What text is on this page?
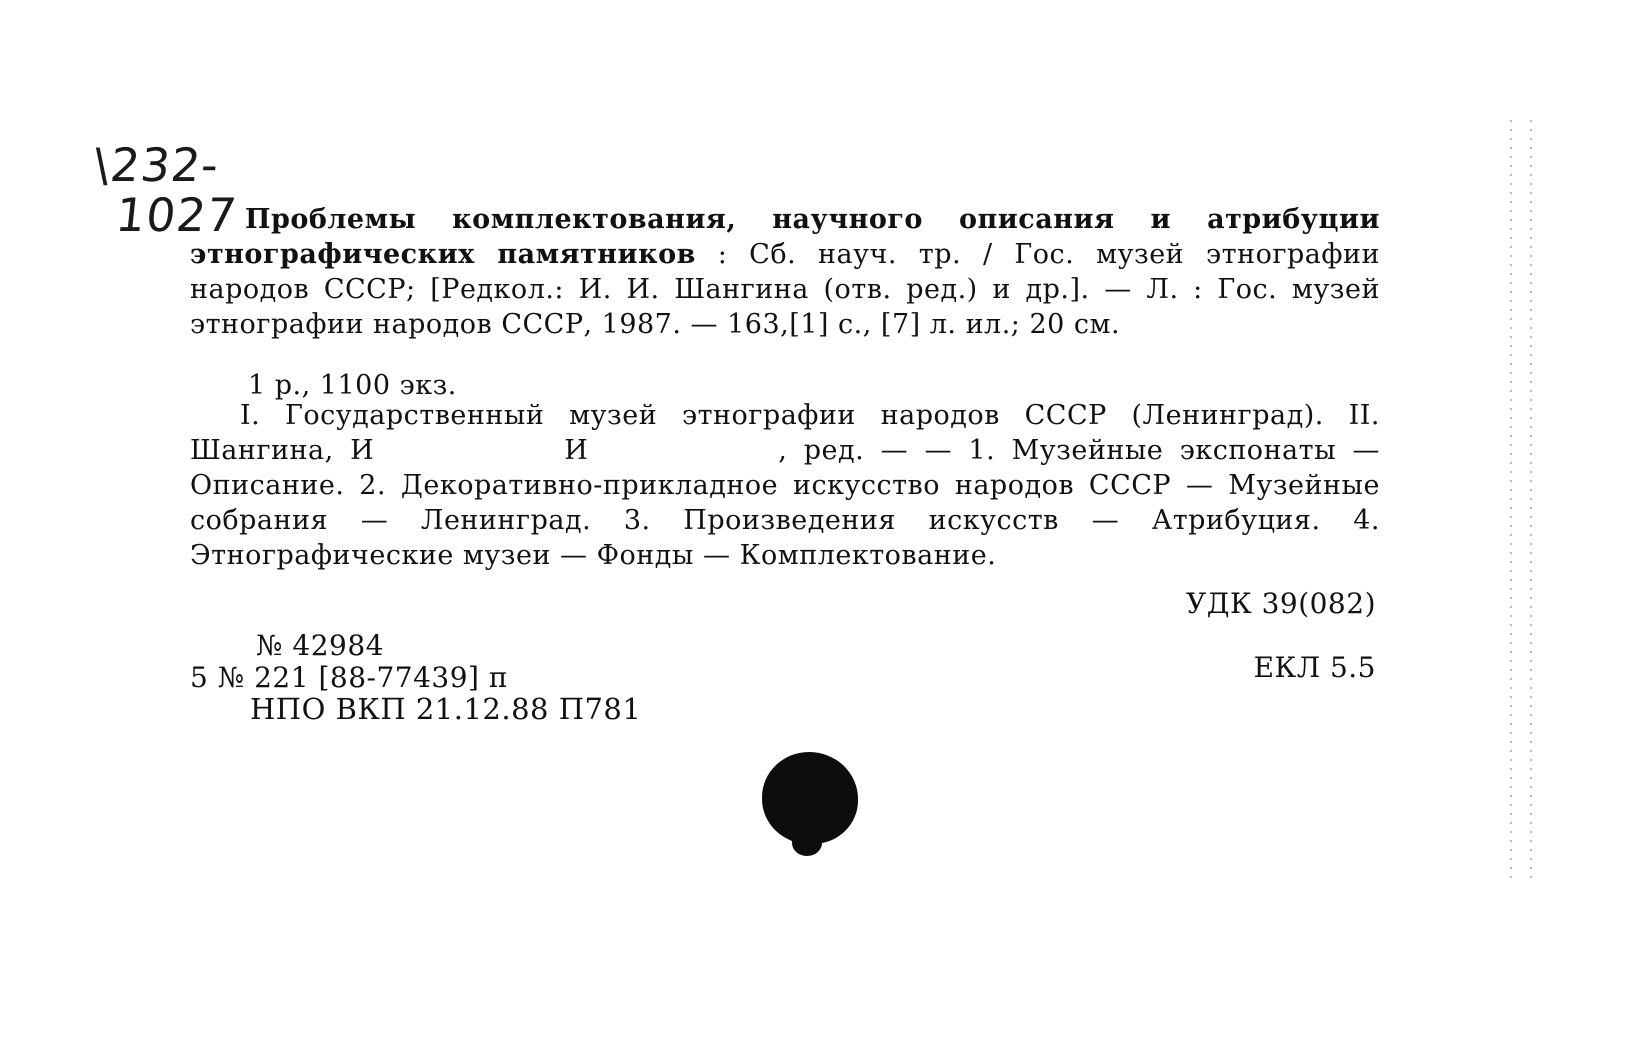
\232-
1027 Проблемы комплектования, научного описания и атрибуции этнографических памятников : Сб. науч. тр. / Гос. музей этнографии народов СССР; [Редкол.: И. И. Шангина (отв. ред.) и др.]. — Л. : Гос. музей этнографии народов СССР, 1987. — 163,[1] с., [7] л. ил.; 20 см.
1 р., 1100 экз.
I. Государственный музей этнографии народов СССР (Ленинград). II. Шангина, И	И	, ред. — — 1. Музейные экспонаты — Описание. 2. Декоративно-прикладное искусство народов СССР — Музейные собрания — Ленинград. 3. Произведения искусств — Атрибуция. 4. Этнографические музеи — Фонды — Комплектование.
УДК 39(082)
ЕКЛ 5.5
№ 42984
5 № 221 [88-77439] п
НПО ВКП 21.12.88 П781
